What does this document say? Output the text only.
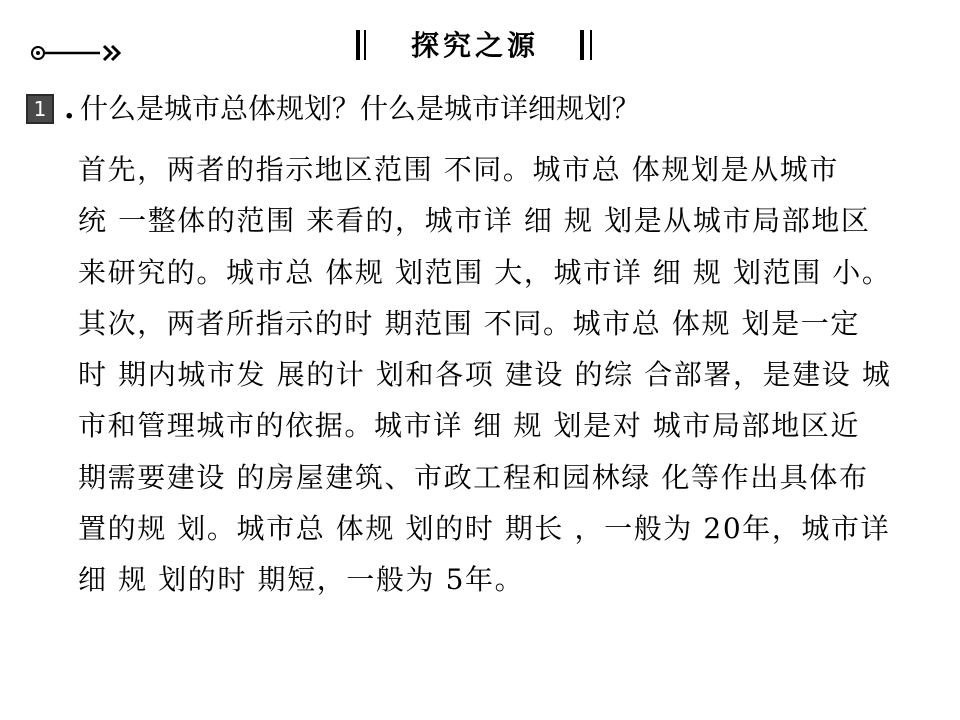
探究之源
1 . 什么是城市总体规划？什么是城市详细规划？
首先，两者的指示地区范围 不同。城市总 体规划是从城市
统 一整体的范围 来看的，城市详 细 规 划是从城市局部地区
来研究的。城市总 体规 划范围 大，城市详 细 规 划范围 小。
其次，两者所指示的时 期范围 不同。城市总 体规 划是一定
时 期内城市发 展的计 划和各项 建设 的综 合部署，是建设 城
市和管理城市的依据。城市详 细 规 划是对 城市局部地区近
期需要建设 的房屋建筑、市政工程和园林绿 化等作出具体布
置的规 划。城市总 体规 划的时 期长 ，一般为 20年，城市详
细 规 划的时 期短，一般为 5年。
